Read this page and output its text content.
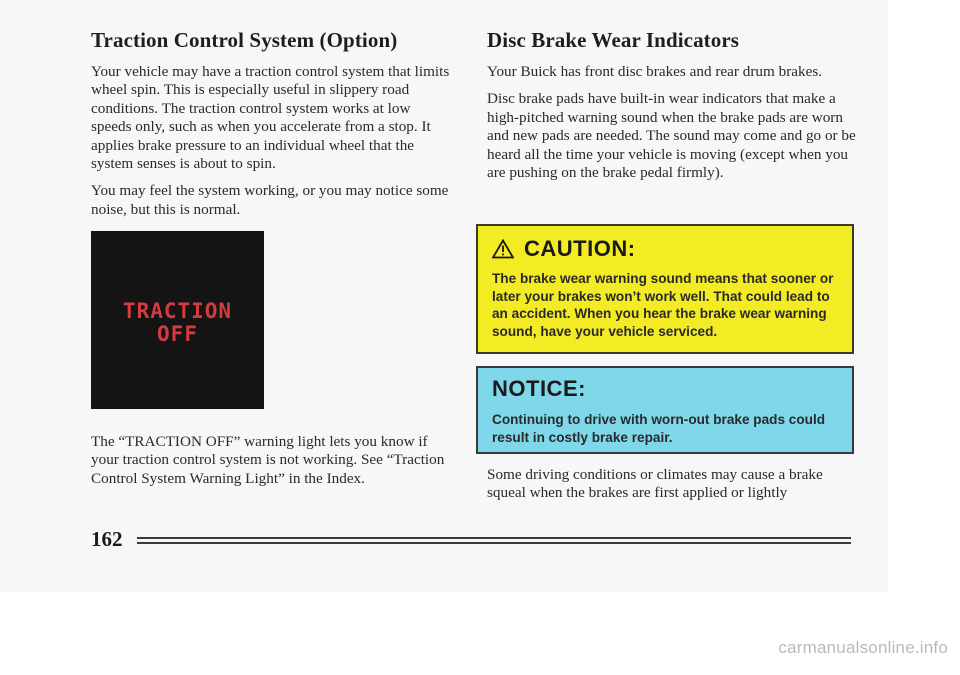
Traction Control System (Option)

Your vehicle may have a traction control system that limits wheel spin. This is especially useful in slippery road conditions. The traction control system works at low speeds only, such as when you accelerate from a stop. It applies brake pressure to an individual wheel that the system senses is about to spin.

You may feel the system working, or you may notice some noise, but this is normal.

TRACTION
OFF

The “TRACTION OFF” warning light lets you know if your traction control system is not working. See “Traction Control System Warning Light” in the Index.

Disc Brake Wear Indicators

Your Buick has front disc brakes and rear drum brakes.

Disc brake pads have built-in wear indicators that make a high-pitched warning sound when the brake pads are worn and new pads are needed. The sound may come and go or be heard all the time your vehicle is moving (except when you are pushing on the brake pedal firmly).

CAUTION:

The brake wear warning sound means that sooner or later your brakes won’t work well. That could lead to an accident. When you hear the brake wear warning sound, have your vehicle serviced.

NOTICE:

Continuing to drive with worn-out brake pads could result in costly brake repair.

Some driving conditions or climates may cause a brake squeal when the brakes are first applied or lightly

162
carmanualsonline.info
